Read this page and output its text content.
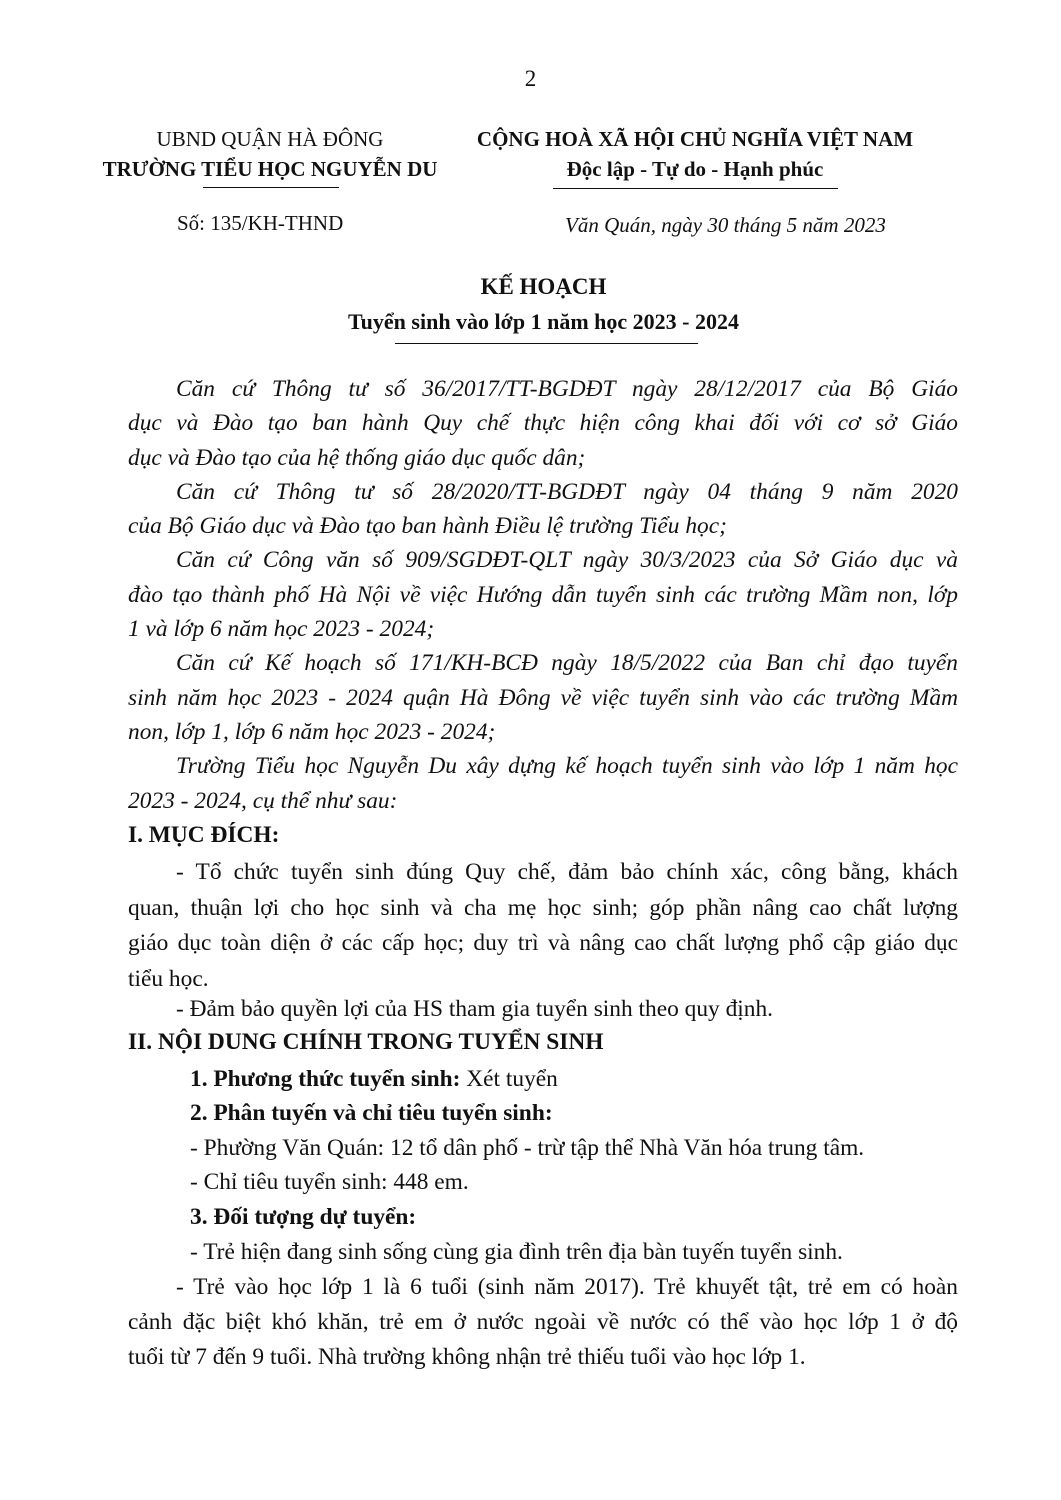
2
UBND QUẬN HÀ ĐÔNG
TRƯỜNG TIỂU HỌC NGUYỄN DU
CỘNG HOÀ XÃ HỘI CHỦ NGHĨA VIỆT NAM
Độc lập - Tự do - Hạnh phúc
Số: 135/KH-THND	Văn Quán, ngày 30 tháng 5 năm 2023
KẾ HOẠCH
Tuyển sinh vào lớp 1 năm học 2023 - 2024
Căn cứ Thông tư số 36/2017/TT-BGDĐT ngày 28/12/2017 của Bộ Giáo
dục và Đào tạo ban hành Quy chế thực hiện công khai đối với cơ sở Giáo
dục và Đào tạo của hệ thống giáo dục quốc dân;
Căn cứ Thông tư số 28/2020/TT-BGDĐT ngày 04 tháng 9 năm 2020
của Bộ Giáo dục và Đào tạo ban hành Điều lệ trường Tiểu học;
Căn cứ Công văn số 909/SGDĐT-QLT ngày 30/3/2023 của Sở Giáo dục và
đào tạo thành phố Hà Nội về việc Hướng dẫn tuyển sinh các trường Mầm non, lớp
1 và lớp 6 năm học 2023 - 2024;
Căn cứ Kế hoạch số 171/KH-BCĐ ngày 18/5/2022 của Ban chỉ đạo tuyển
sinh năm học 2023 - 2024 quận Hà Đông về việc tuyển sinh vào các trường Mầm
non, lớp 1, lớp 6 năm học 2023 - 2024;
Trường Tiểu học Nguyễn Du xây dựng kế hoạch tuyển sinh vào lớp 1 năm học
2023 - 2024, cụ thể như sau:
I. MỤC ĐÍCH:
- Tổ chức tuyển sinh đúng Quy chế, đảm bảo chính xác, công bằng, khách
quan, thuận lợi cho học sinh và cha mẹ học sinh; góp phần nâng cao chất lượng
giáo dục toàn diện ở các cấp học; duy trì và nâng cao chất lượng phổ cập giáo dục
tiểu học.
- Đảm bảo quyền lợi của HS tham gia tuyển sinh theo quy định.
II. NỘI DUNG CHÍNH TRONG TUYỂN SINH
1. Phương thức tuyển sinh: Xét tuyển
2. Phân tuyến và chỉ tiêu tuyển sinh:
- Phường Văn Quán: 12 tổ dân phố - trừ tập thể Nhà Văn hóa trung tâm.
- Chỉ tiêu tuyển sinh: 448 em.
3. Đối tượng dự tuyển:
- Trẻ hiện đang sinh sống cùng gia đình trên địa bàn tuyến tuyển sinh.
- Trẻ vào học lớp 1 là 6 tuổi (sinh năm 2017). Trẻ khuyết tật, trẻ em có hoàn
cảnh đặc biệt khó khăn, trẻ em ở nước ngoài về nước có thể vào học lớp 1 ở độ
tuổi từ 7 đến 9 tuổi. Nhà trường không nhận trẻ thiếu tuổi vào học lớp 1.
